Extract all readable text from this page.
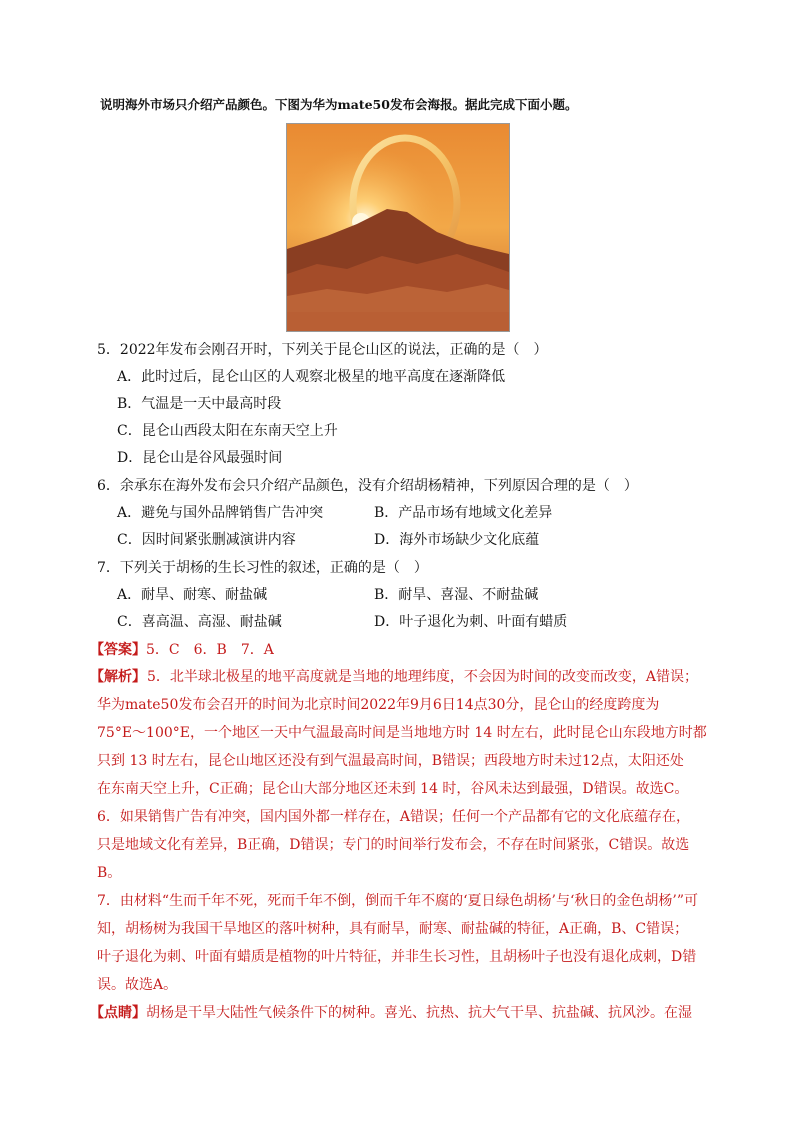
说明海外市场只介绍产品颜色。下图为华为mate50发布会海报。据此完成下面小题。
5．2022年发布会刚召开时，下列关于昆仑山区的说法，正确的是（　）
A．此时过后，昆仑山区的人观察北极星的地平高度在逐渐降低
B．气温是一天中最高时段
C．昆仑山西段太阳在东南天空上升
D．昆仑山是谷风最强时间
6．余承东在海外发布会只介绍产品颜色，没有介绍胡杨精神，下列原因合理的是（　）
A．避免与国外品牌销售广告冲突	B．产品市场有地域文化差异
C．因时间紧张删减演讲内容	D．海外市场缺少文化底蕴
7．下列关于胡杨的生长习性的叙述，正确的是（　）
A．耐旱、耐寒、耐盐碱	B．耐旱、喜湿、不耐盐碱
C．喜高温、高湿、耐盐碱	D．叶子退化为刺、叶面有蜡质
【答案】5．C　6．B　7．A
【解析】 5．北半球北极星的地平高度就是当地的地理纬度，不会因为时间的改变而改变，A错误；
华为mate50发布会召开的时间为北京时间2022年9月6日14点30分，昆仑山的经度跨度为
75°E～100°E，一个地区一天中气温最高时间是当地地方时 14 时左右，此时昆仑山东段地方时都
只到 13 时左右，昆仑山地区还没有到气温最高时间，B错误；西段地方时未过12点，太阳还处
在东南天空上升，C正确；昆仑山大部分地区还未到 14 时，谷风未达到最强，D错误。故选C。
6．如果销售广告有冲突，国内国外都一样存在，A错误；任何一个产品都有它的文化底蕴存在，
只是地域文化有差异，B正确，D错误；专门的时间举行发布会，不存在时间紧张，C错误。故选
B。
7．由材料“生而千年不死，死而千年不倒，倒而千年不腐的‘夏日绿色胡杨’与‘秋日的金色胡杨’”可
知，胡杨树为我国干旱地区的落叶树种，具有耐旱，耐寒、耐盐碱的特征，A正确，B、C错误；
叶子退化为刺、叶面有蜡质是植物的叶片特征，并非生长习性，且胡杨叶子也没有退化成刺，D错
误。故选A。
【点睛】胡杨是干旱大陆性气候条件下的树种。喜光、抗热、抗大气干旱、抗盐碱、抗风沙。在湿
